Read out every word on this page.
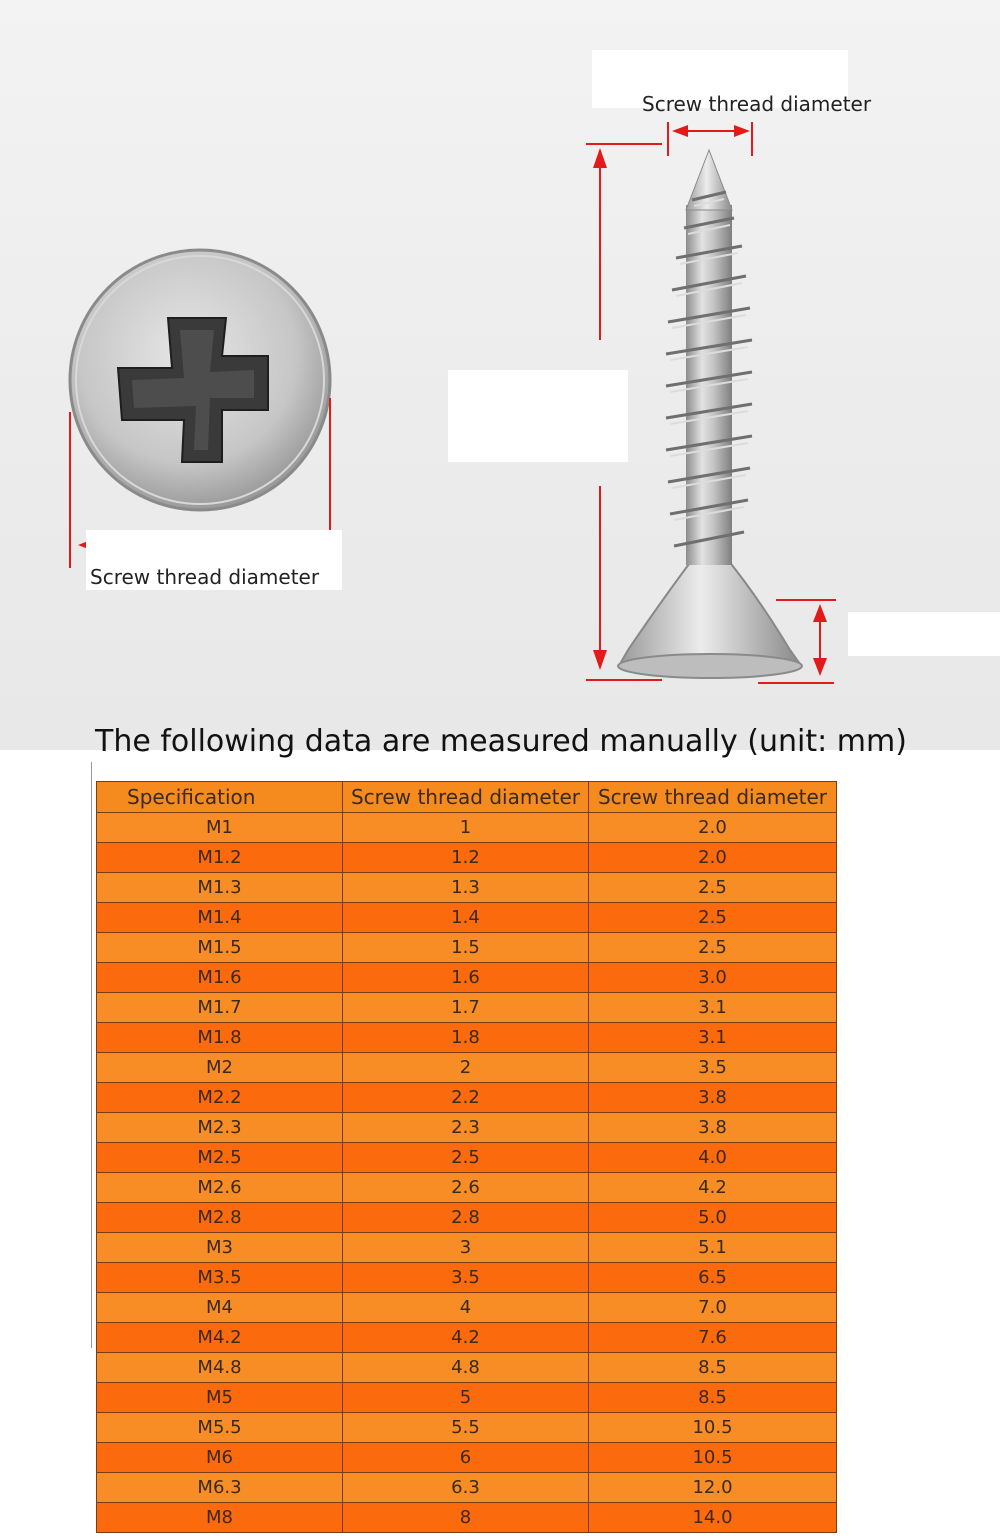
Screw thread diameter
Screw thread diameter
The following data are measured manually (unit: mm)
Specification	Screw thread diameter	Screw thread diameter
M1	1	2.0
M1.2	1.2	2.0
M1.3	1.3	2.5
M1.4	1.4	2.5
M1.5	1.5	2.5
M1.6	1.6	3.0
M1.7	1.7	3.1
M1.8	1.8	3.1
M2	2	3.5
M2.2	2.2	3.8
M2.3	2.3	3.8
M2.5	2.5	4.0
M2.6	2.6	4.2
M2.8	2.8	5.0
M3	3	5.1
M3.5	3.5	6.5
M4	4	7.0
M4.2	4.2	7.6
M4.8	4.8	8.5
M5	5	8.5
M5.5	5.5	10.5
M6	6	10.5
M6.3	6.3	12.0
M8	8	14.0
